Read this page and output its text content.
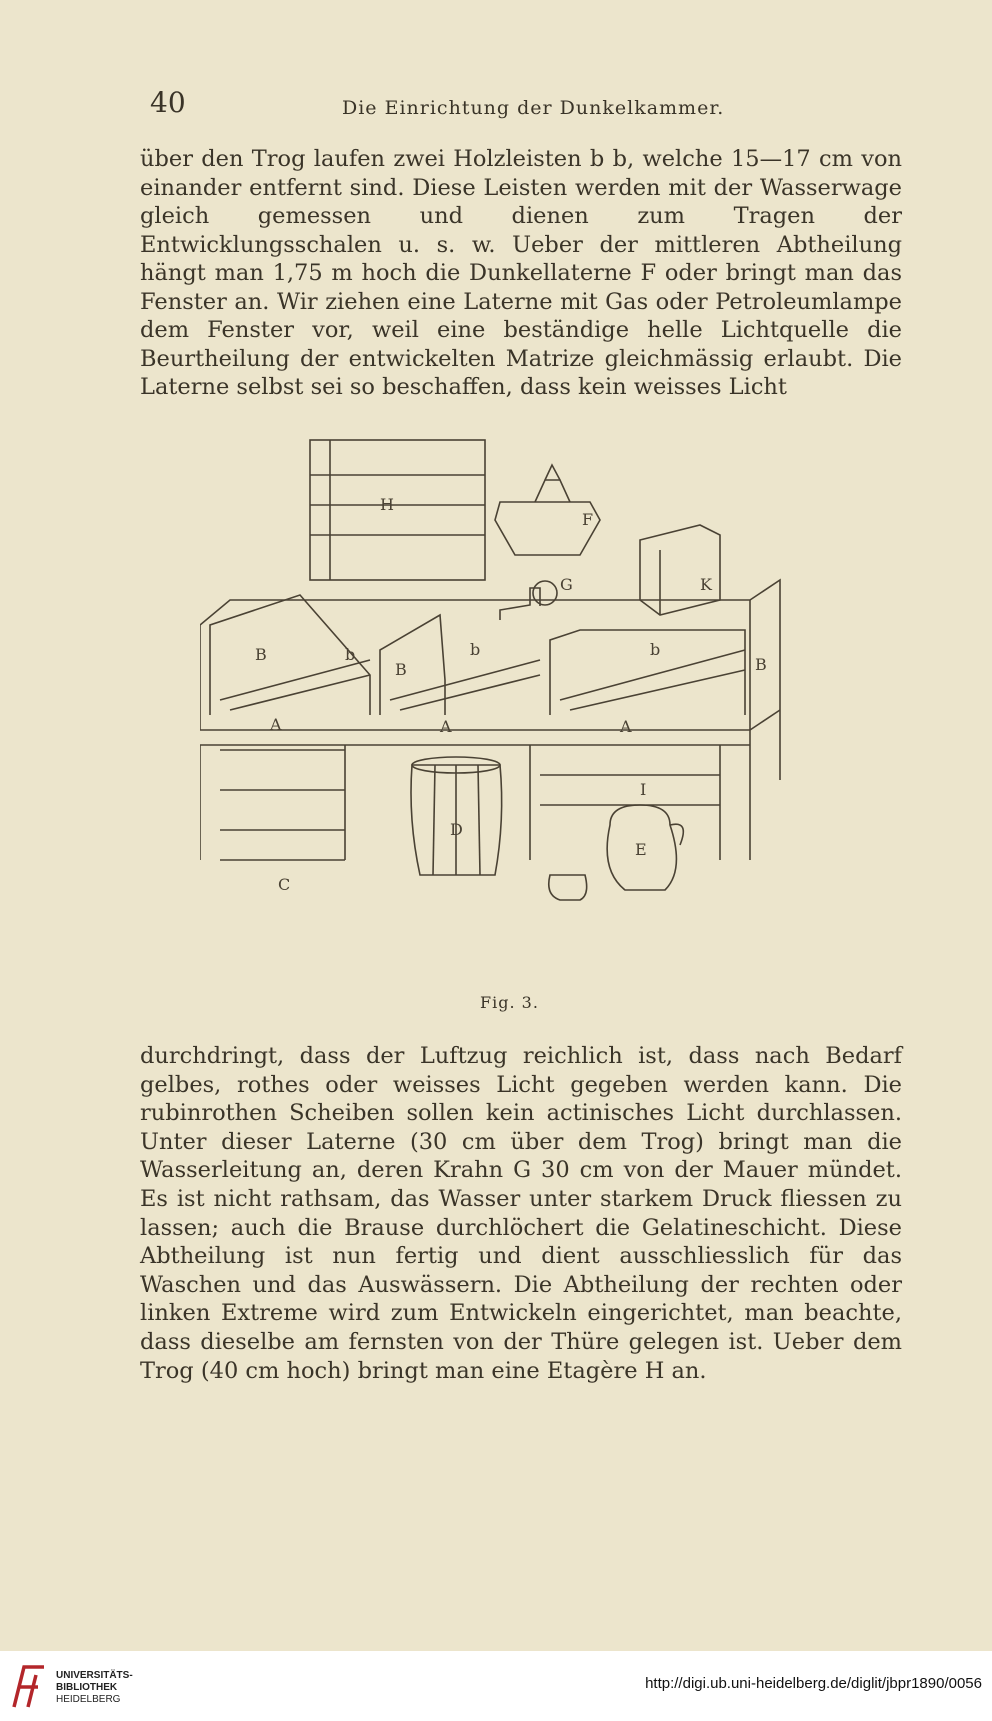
40	Die Einrichtung der Dunkelkammer.

über den Trog laufen zwei Holzleisten b b, welche 15—17 cm von einander entfernt sind. Diese Leisten werden mit der Wasserwage gleich gemessen und dienen zum Tragen der Entwicklungsschalen u. s. w. Ueber der mittleren Abtheilung hängt man 1,75 m hoch die Dunkellaterne F oder bringt man das Fenster an. Wir ziehen eine Laterne mit Gas oder Petroleumlampe dem Fenster vor, weil eine beständige helle Lichtquelle die Beurtheilung der entwickelten Matrize gleichmässig erlaubt. Die Laterne selbst sei so beschaffen, dass kein weisses Licht

H
F
G	K
B
B	B
b	b	b
A	A	A
I
D
E
C
Fig. 3.

durchdringt, dass der Luftzug reichlich ist, dass nach Bedarf gelbes, rothes oder weisses Licht gegeben werden kann. Die rubinrothen Scheiben sollen kein actinisches Licht durchlassen. Unter dieser Laterne (30 cm über dem Trog) bringt man die Wasserleitung an, deren Krahn G 30 cm von der Mauer mündet. Es ist nicht rathsam, das Wasser unter starkem Druck fliessen zu lassen; auch die Brause durchlöchert die Gelatineschicht. Diese Abtheilung ist nun fertig und dient ausschliesslich für das Waschen und das Auswässern. Die Abtheilung der rechten oder linken Extreme wird zum Entwickeln eingerichtet, man beachte, dass dieselbe am fernsten von der Thüre gelegen ist. Ueber dem Trog (40 cm hoch) bringt man eine Etagère H an.

UNIVERSITÄTS-
BIBLIOTHEK
HEIDELBERG
http://digi.ub.uni-heidelberg.de/diglit/jbpr1890/0056
